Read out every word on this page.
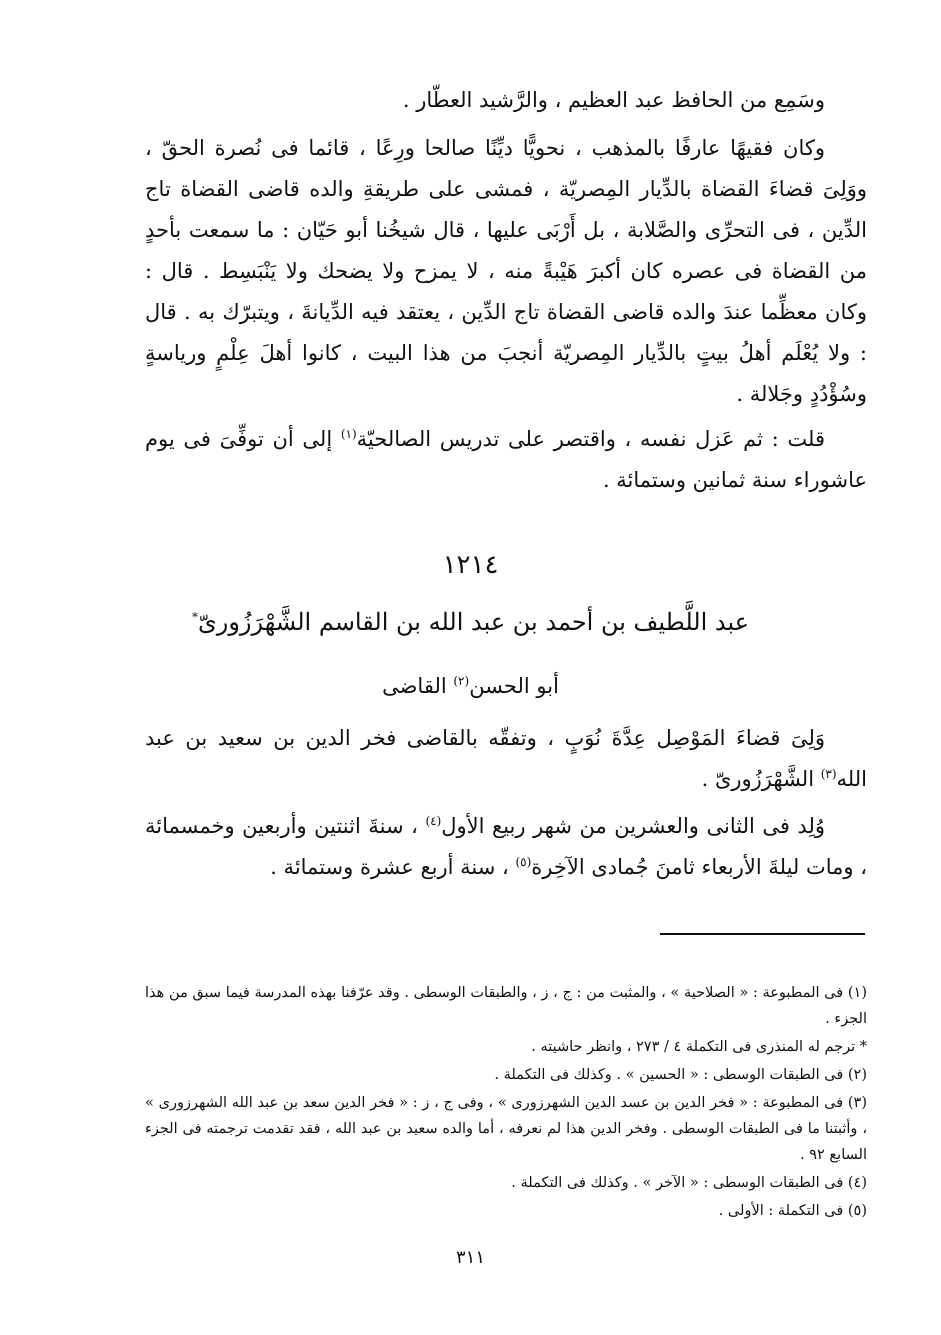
وسَمِع من الحافظ عبد العظيم ، والرَّشيد العطّار .

وكان فقيهًا عارفًا بالمذهب ، نحويًّا ديِّنًا صالحا ورِعًا ، قائما فى نُصرة الحقّ ، ووَلِىَ قضاءَ القضاة بالدِّيار المِصريّة ، فمشى على طريقةِ والده قاضى القضاة تاج الدِّين ، فى التحرِّى والصَّلابة ، بل أَرْبَى عليها ، قال شيخُنا أبو حَيّان : ما سمعت بأحدٍ من القضاة فى عصره كان أكبرَ هَيْبةً منه ، لا يمزح ولا يضحك ولا يَنْبَسِط . قال : وكان معظِّما عندَ والده قاضى القضاة تاج الدِّين ، يعتقد فيه الدِّيانةَ ، ويتبرّك به . قال : ولا يُعْلَم أهلُ بيتٍ بالدِّيار المِصريّة أنجبَ من هذا البيت ، كانوا أهلَ عِلْمٍ ورياسةٍ وسُؤْدُدٍ وجَلالة .

قلت : ثم عَزل نفسه ، واقتصر على تدريس الصالحيّة$^{(١)}$ إلى أن توفِّىَ فى يوم عاشوراء سنة ثمانين وستمائة .

١٢١٤
عبد اللَّطيف بن أحمد بن عبد الله بن القاسم الشَّهْرَزُورىّ*
أبو الحسن$^{(٢)}$ القاضى

وَلِىَ قضاءَ المَوْصِل عِدَّةَ نُوَبٍ ، وتفقّه بالقاضى فخر الدين بن سعيد بن عبد الله$^{(٣)}$ الشَّهْرَزُورىّ .

وُلِد فى الثانى والعشرين من شهر ربيع الأول$^{(٤)}$ ، سنةَ اثنتين وأربعين وخمسمائة ، ومات ليلةَ الأربعاء ثامنَ جُمادى الآخِرة$^{(٥)}$ ، سنة أربع عشرة وستمائة .

(١) فى المطبوعة : « الصلاحية » ، والمثبت من : ج ، ز ، والطبقات الوسطى . وقد عرّفنا بهذه المدرسة فيما سبق من هذا الجزء .

* ترجم له المنذرى فى التكملة ٤ / ٢٧٣ ، وانظر حاشيته .

(٢) فى الطبقات الوسطى : « الحسين » . وكذلك فى التكملة .

(٣) فى المطبوعة : « فخر الدين بن عسد الدين الشهرزورى » ، وفى ج ، ز : « فخر الدين سعد بن عبد الله الشهرزورى » ، وأثبتنا ما فى الطبقات الوسطى . وفخر الدين هذا لم نعرفه ، أما والده سعيد بن عبد الله ، فقد تقدمت ترجمته فى الجزء السابع ٩٢ .

(٤) فى الطبقات الوسطى : « الآخر » . وكذلك فى التكملة .

(٥) فى التكملة : الأولى .

٣١١
